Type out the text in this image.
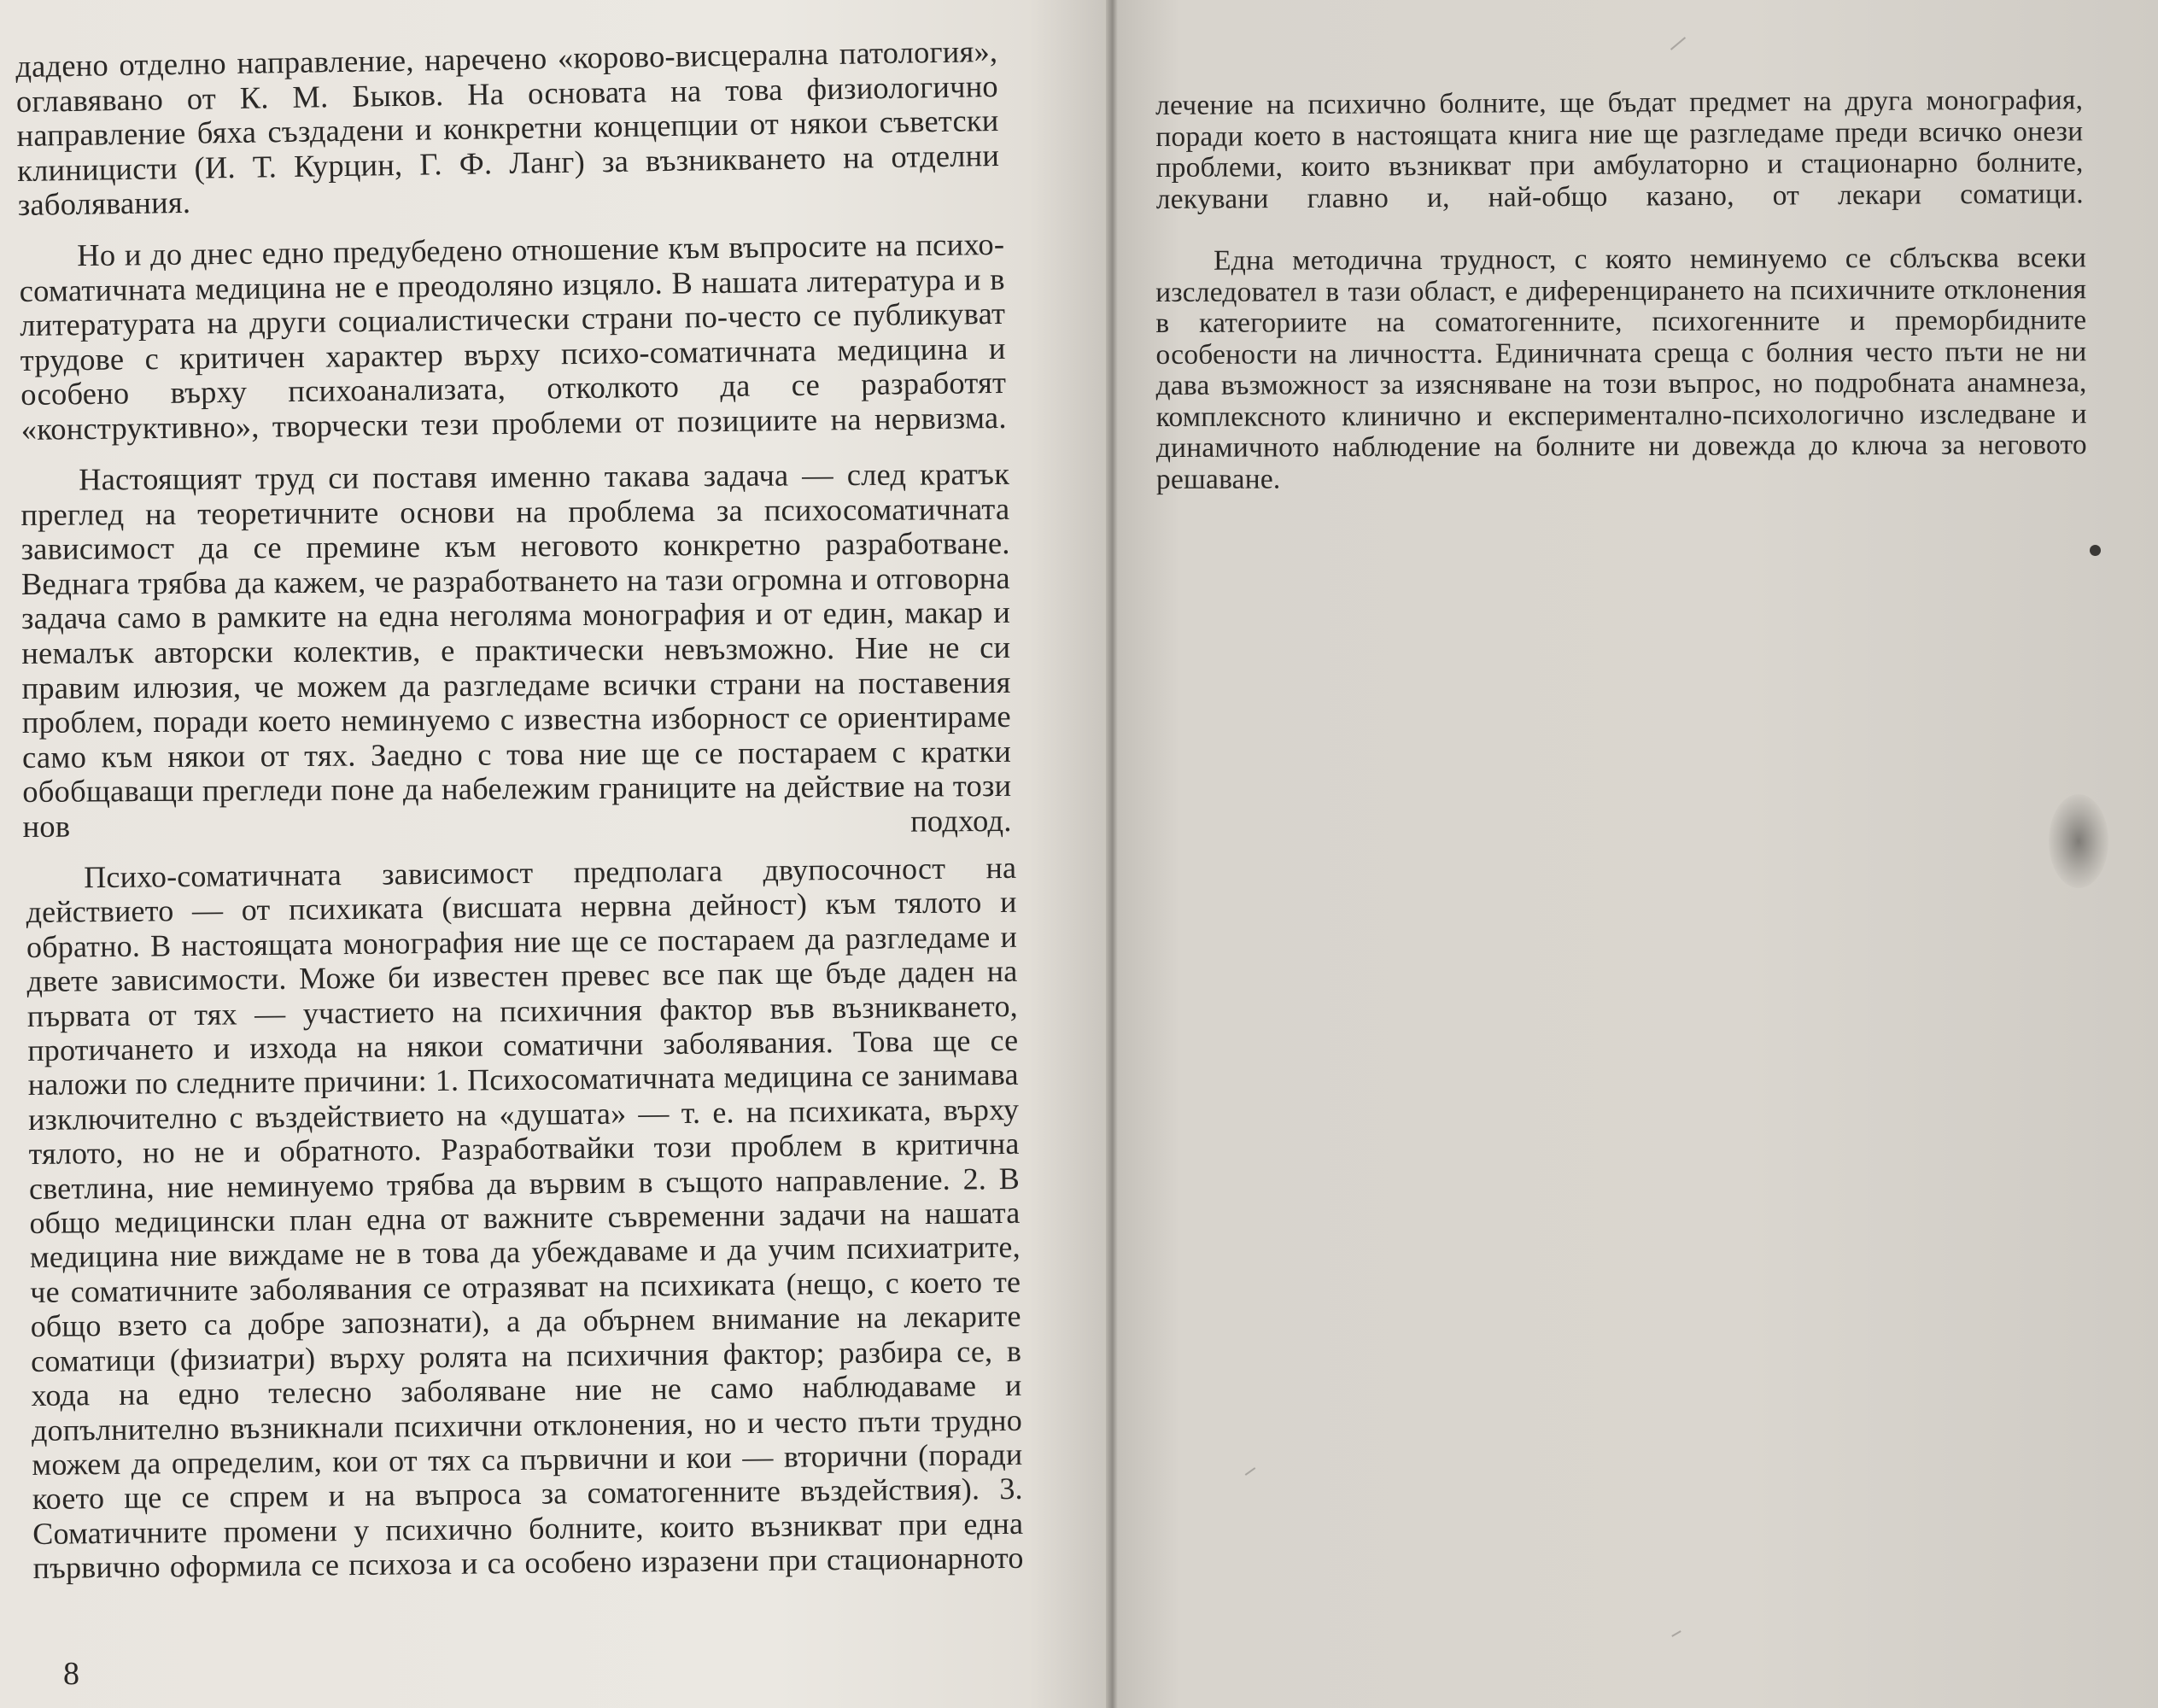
дадено отделно направление, наречено «корово-висцерална патология», оглавявано от К. М. Быков. На основата на това физиологично направление бяха създадени и конкретни концепции от някои съветски клиницисти (И. Т. Курцин, Г. Ф. Ланг) за възникването на отделни заболявания.

Но и до днес едно предубедено отношение към въпросите на психо-соматичната медицина не е преодоляно изцяло. В нашата литература и в литературата на други социалистически страни по-често се публикуват трудове с критичен характер върху психо-соматичната медицина и особено върху психоанализата, отколкото да се разработят «конструктивно», творчески тези проблеми от позициите на нервизма.

Настоящият труд си поставя именно такава задача — след кратък преглед на теоретичните основи на проблема за психосоматичната зависимост да се премине към неговото конкретно разработване. Веднага трябва да кажем, че разработването на тази огромна и отговорна задача само в рамките на една неголяма монография и от един, макар и немалък авторски колектив, е практически невъзможно. Ние не си правим илюзия, че можем да разгледаме всички страни на поставения проблем, поради което неминуемо с известна изборност се ориентираме само към някои от тях. Заедно с това ние ще се постараем с кратки обобщаващи прегледи поне да набележим границите на действие на този нов подход.

Психо-соматичната зависимост предполага двупосочност на действието — от психиката (висшата нервна дейност) към тялото и обратно. В настоящата монография ние ще се постараем да разгледаме и двете зависимости. Може би известен превес все пак ще бъде даден на първата от тях — участието на психичния фактор във възникването, протичането и изхода на някои соматични заболявания. Това ще се наложи по следните причини: 1. Психосоматичната медицина се занимава изключително с въздействието на «душата» — т. е. на психиката, върху тялото, но не и обратното. Разработвайки този проблем в критична светлина, ние неминуемо трябва да вървим в същото направление. 2. В общо медицински план една от важните съвременни задачи на нашата медицина ние виждаме не в това да убеждаваме и да учим психиатрите, че соматичните заболявания се отразяват на психиката (нещо, с което те общо взето са добре запознати), а да обърнем внимание на лекарите соматици (физиатри) върху ролята на психичния фактор; разбира се, в хода на едно телесно заболяване ние не само наблюдаваме и допълнително възникнали психични отклонения, но и често пъти трудно можем да определим, кои от тях са първични и кои — вторични (поради което ще се спрем и на въпроса за соматогенните въздействия). 3. Соматичните промени у психично болните, които възникват при една първично оформила се психоза и са особено изразени при стационарното

8

лечение на психично болните, ще бъдат предмет на друга монография, поради което в настоящата книга ние ще разгледаме преди всичко онези проблеми, които възникват при амбулаторно и стационарно болните, лекувани главно и, най-общо казано, от лекари соматици.

Една методична трудност, с която неминуемо се сблъсква всеки изследовател в тази област, е диференцирането на психичните отклонения в категориите на соматогенните, психогенните и преморбидните особености на личността. Единичната среща с болния често пъти не ни дава възможност за изясняване на този въпрос, но подробната анамнеза, комплексното клинично и експериментално-психологично изследване и динамичното наблюдение на болните ни довежда до ключа за неговото решаване.
